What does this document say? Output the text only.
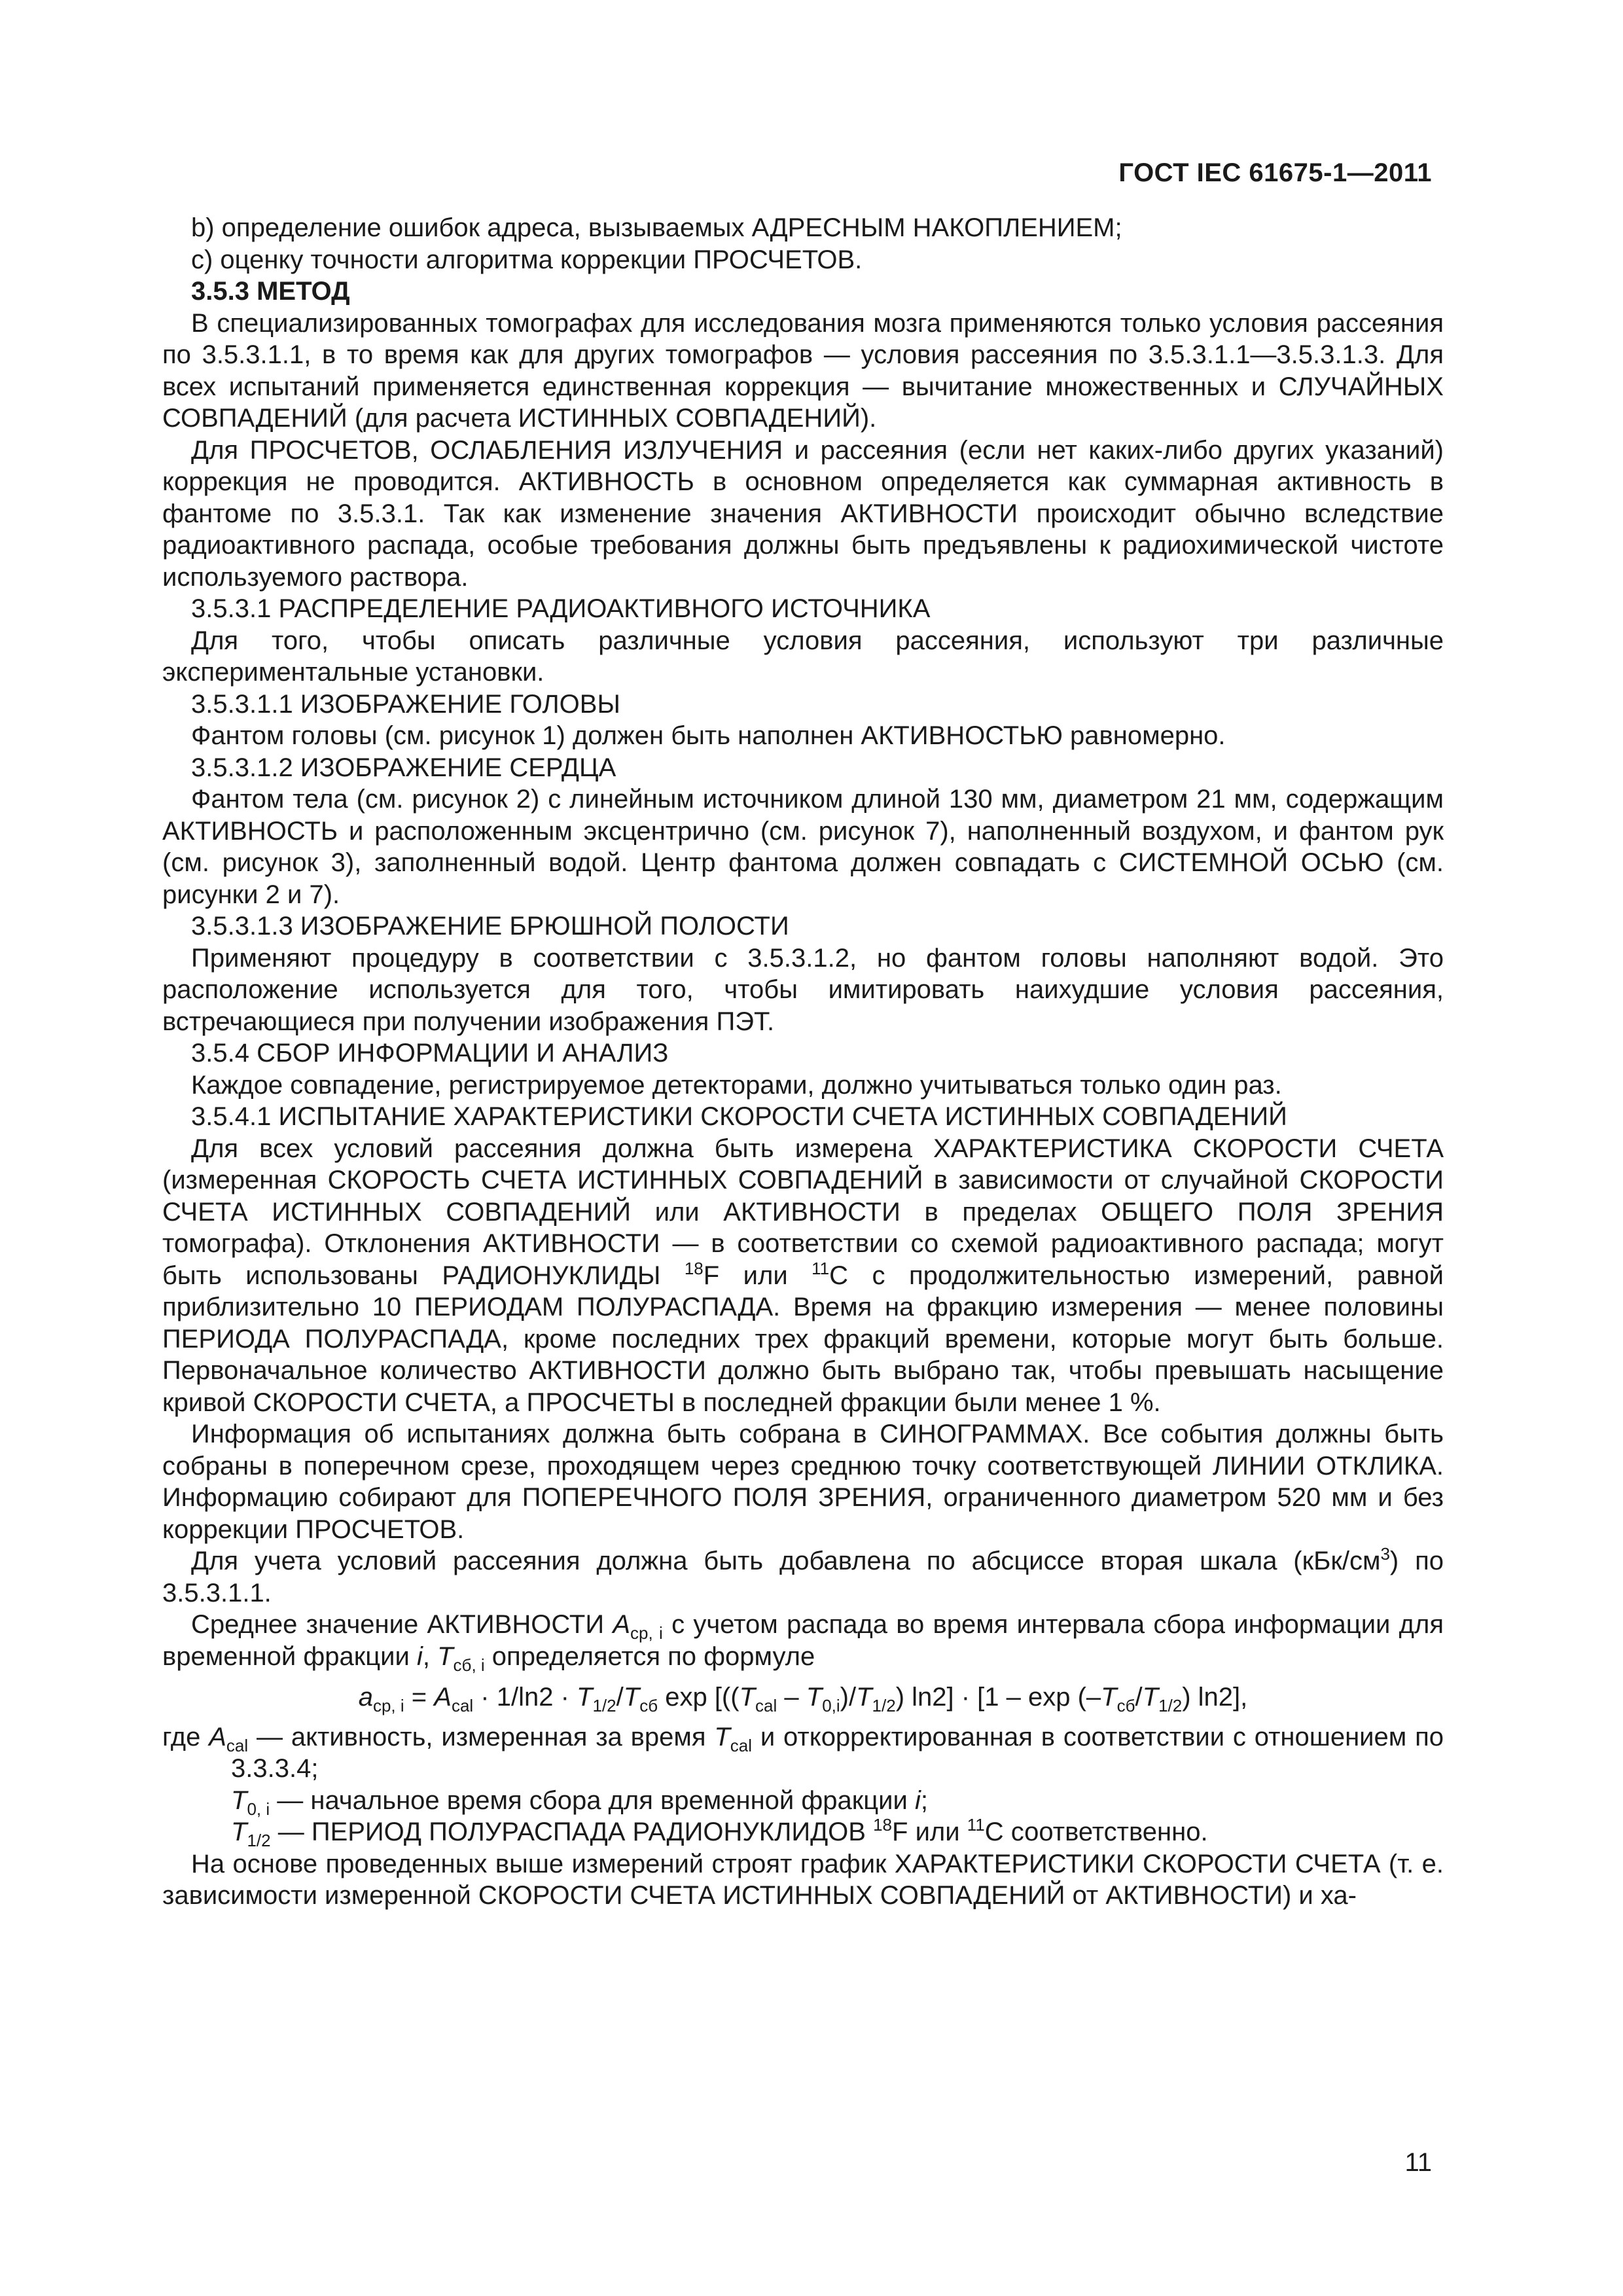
ГОСТ IEC 61675-1—2011

b) определение ошибок адреса, вызываемых АДРЕСНЫМ НАКОПЛЕНИЕМ;

c) оценку точности алгоритма коррекции ПРОСЧЕТОВ.

3.5.3 МЕТОД

В специализированных томографах для исследования мозга применяются только условия рассеяния по 3.5.3.1.1, в то время как для других томографов — условия рассеяния по 3.5.3.1.1—3.5.3.1.3. Для всех испытаний применяется единственная коррекция — вычитание множественных и СЛУЧАЙНЫХ СОВПАДЕНИЙ (для расчета ИСТИННЫХ СОВПАДЕНИЙ).

Для ПРОСЧЕТОВ, ОСЛАБЛЕНИЯ ИЗЛУЧЕНИЯ и рассеяния (если нет каких-либо других указаний) коррекция не проводится. АКТИВНОСТЬ в основном определяется как суммарная активность в фантоме по 3.5.3.1. Так как изменение значения АКТИВНОСТИ происходит обычно вследствие радиоактивного распада, особые требования должны быть предъявлены к радиохимической чистоте используемого раствора.

3.5.3.1 РАСПРЕДЕЛЕНИЕ РАДИОАКТИВНОГО ИСТОЧНИКА

Для того, чтобы описать различные условия рассеяния, используют три различные экспериментальные установки.

3.5.3.1.1 ИЗОБРАЖЕНИЕ ГОЛОВЫ

Фантом головы (см. рисунок 1) должен быть наполнен АКТИВНОСТЬЮ равномерно.

3.5.3.1.2 ИЗОБРАЖЕНИЕ СЕРДЦА

Фантом тела (см. рисунок 2) с линейным источником длиной 130 мм, диаметром 21 мм, содержащим АКТИВНОСТЬ и расположенным эксцентрично (см. рисунок 7), наполненный воздухом, и фантом рук (см. рисунок 3), заполненный водой. Центр фантома должен совпадать с СИСТЕМНОЙ ОСЬЮ (см. рисунки 2 и 7).

3.5.3.1.3 ИЗОБРАЖЕНИЕ БРЮШНОЙ ПОЛОСТИ

Применяют процедуру в соответствии с 3.5.3.1.2, но фантом головы наполняют водой. Это расположение используется для того, чтобы имитировать наихудшие условия рассеяния, встречающиеся при получении изображения ПЭТ.

3.5.4 СБОР ИНФОРМАЦИИ И АНАЛИЗ

Каждое совпадение, регистрируемое детекторами, должно учитываться только один раз.

3.5.4.1 ИСПЫТАНИЕ ХАРАКТЕРИСТИКИ СКОРОСТИ СЧЕТА ИСТИННЫХ СОВПАДЕНИЙ

Для всех условий рассеяния должна быть измерена ХАРАКТЕРИСТИКА СКОРОСТИ СЧЕТА (измеренная СКОРОСТЬ СЧЕТА ИСТИННЫХ СОВПАДЕНИЙ в зависимости от случайной СКОРОСТИ СЧЕТА ИСТИННЫХ СОВПАДЕНИЙ или АКТИВНОСТИ в пределах ОБЩЕГО ПОЛЯ ЗРЕНИЯ томографа). Отклонения АКТИВНОСТИ — в соответствии со схемой радиоактивного распада; могут быть использованы РАДИОНУКЛИДЫ $^{18}$F или $^{11}$C с продолжительностью измерений, равной приблизительно 10 ПЕРИОДАМ ПОЛУРАСПАДА. Время на фракцию измерения — менее половины ПЕРИОДА ПОЛУРАСПАДА, кроме последних трех фракций времени, которые могут быть больше. Первоначальное количество АКТИВНОСТИ должно быть выбрано так, чтобы превышать насыщение кривой СКОРОСТИ СЧЕТА, а ПРОСЧЕТЫ в последней фракции были менее 1 %.

Информация об испытаниях должна быть собрана в СИНОГРАММАХ. Все события должны быть собраны в поперечном срезе, проходящем через среднюю точку соответствующей ЛИНИИ ОТКЛИКА. Информацию собирают для ПОПЕРЕЧНОГО ПОЛЯ ЗРЕНИЯ, ограниченного диаметром 520 мм и без коррекции ПРОСЧЕТОВ.

Для учета условий рассеяния должна быть добавлена по абсциссе вторая шкала $(кБк/см^3)$ по 3.5.3.1.1.

Среднее значение АКТИВНОСТИ $A_{ср, i}$ с учетом распада во время интервала сбора информации для временной фракции i, $T_{сб, i}$ определяется по формуле

$a_{ср, i} = A_{cal} \cdot 1/\ln 2 \cdot T_{1/2}/T_{сб}$ $\exp [((T_{cal} - T_{0,i})/T_{1/2}) \ln 2] \cdot [1 - \exp (-T_{сб}/T_{1/2})$ ln2],

где $A_{cal}$ — активность, измеренная за время $T_{cal}$ и откорректированная в соответствии с отношением по 3.3.3.4;

$T_{0, i}$ — начальное время сбора для временной фракции i;

$T_{1/2}$ — ПЕРИОД ПОЛУРАСПАДА РАДИОНУКЛИДОВ $^{18}$F или $^{11}$C соответственно.

На основе проведенных выше измерений строят график ХАРАКТЕРИСТИКИ СКОРОСТИ СЧЕТА (т. е. зависимости измеренной СКОРОСТИ СЧЕТА ИСТИННЫХ СОВПАДЕНИЙ от АКТИВНОСТИ) и ха-

11
